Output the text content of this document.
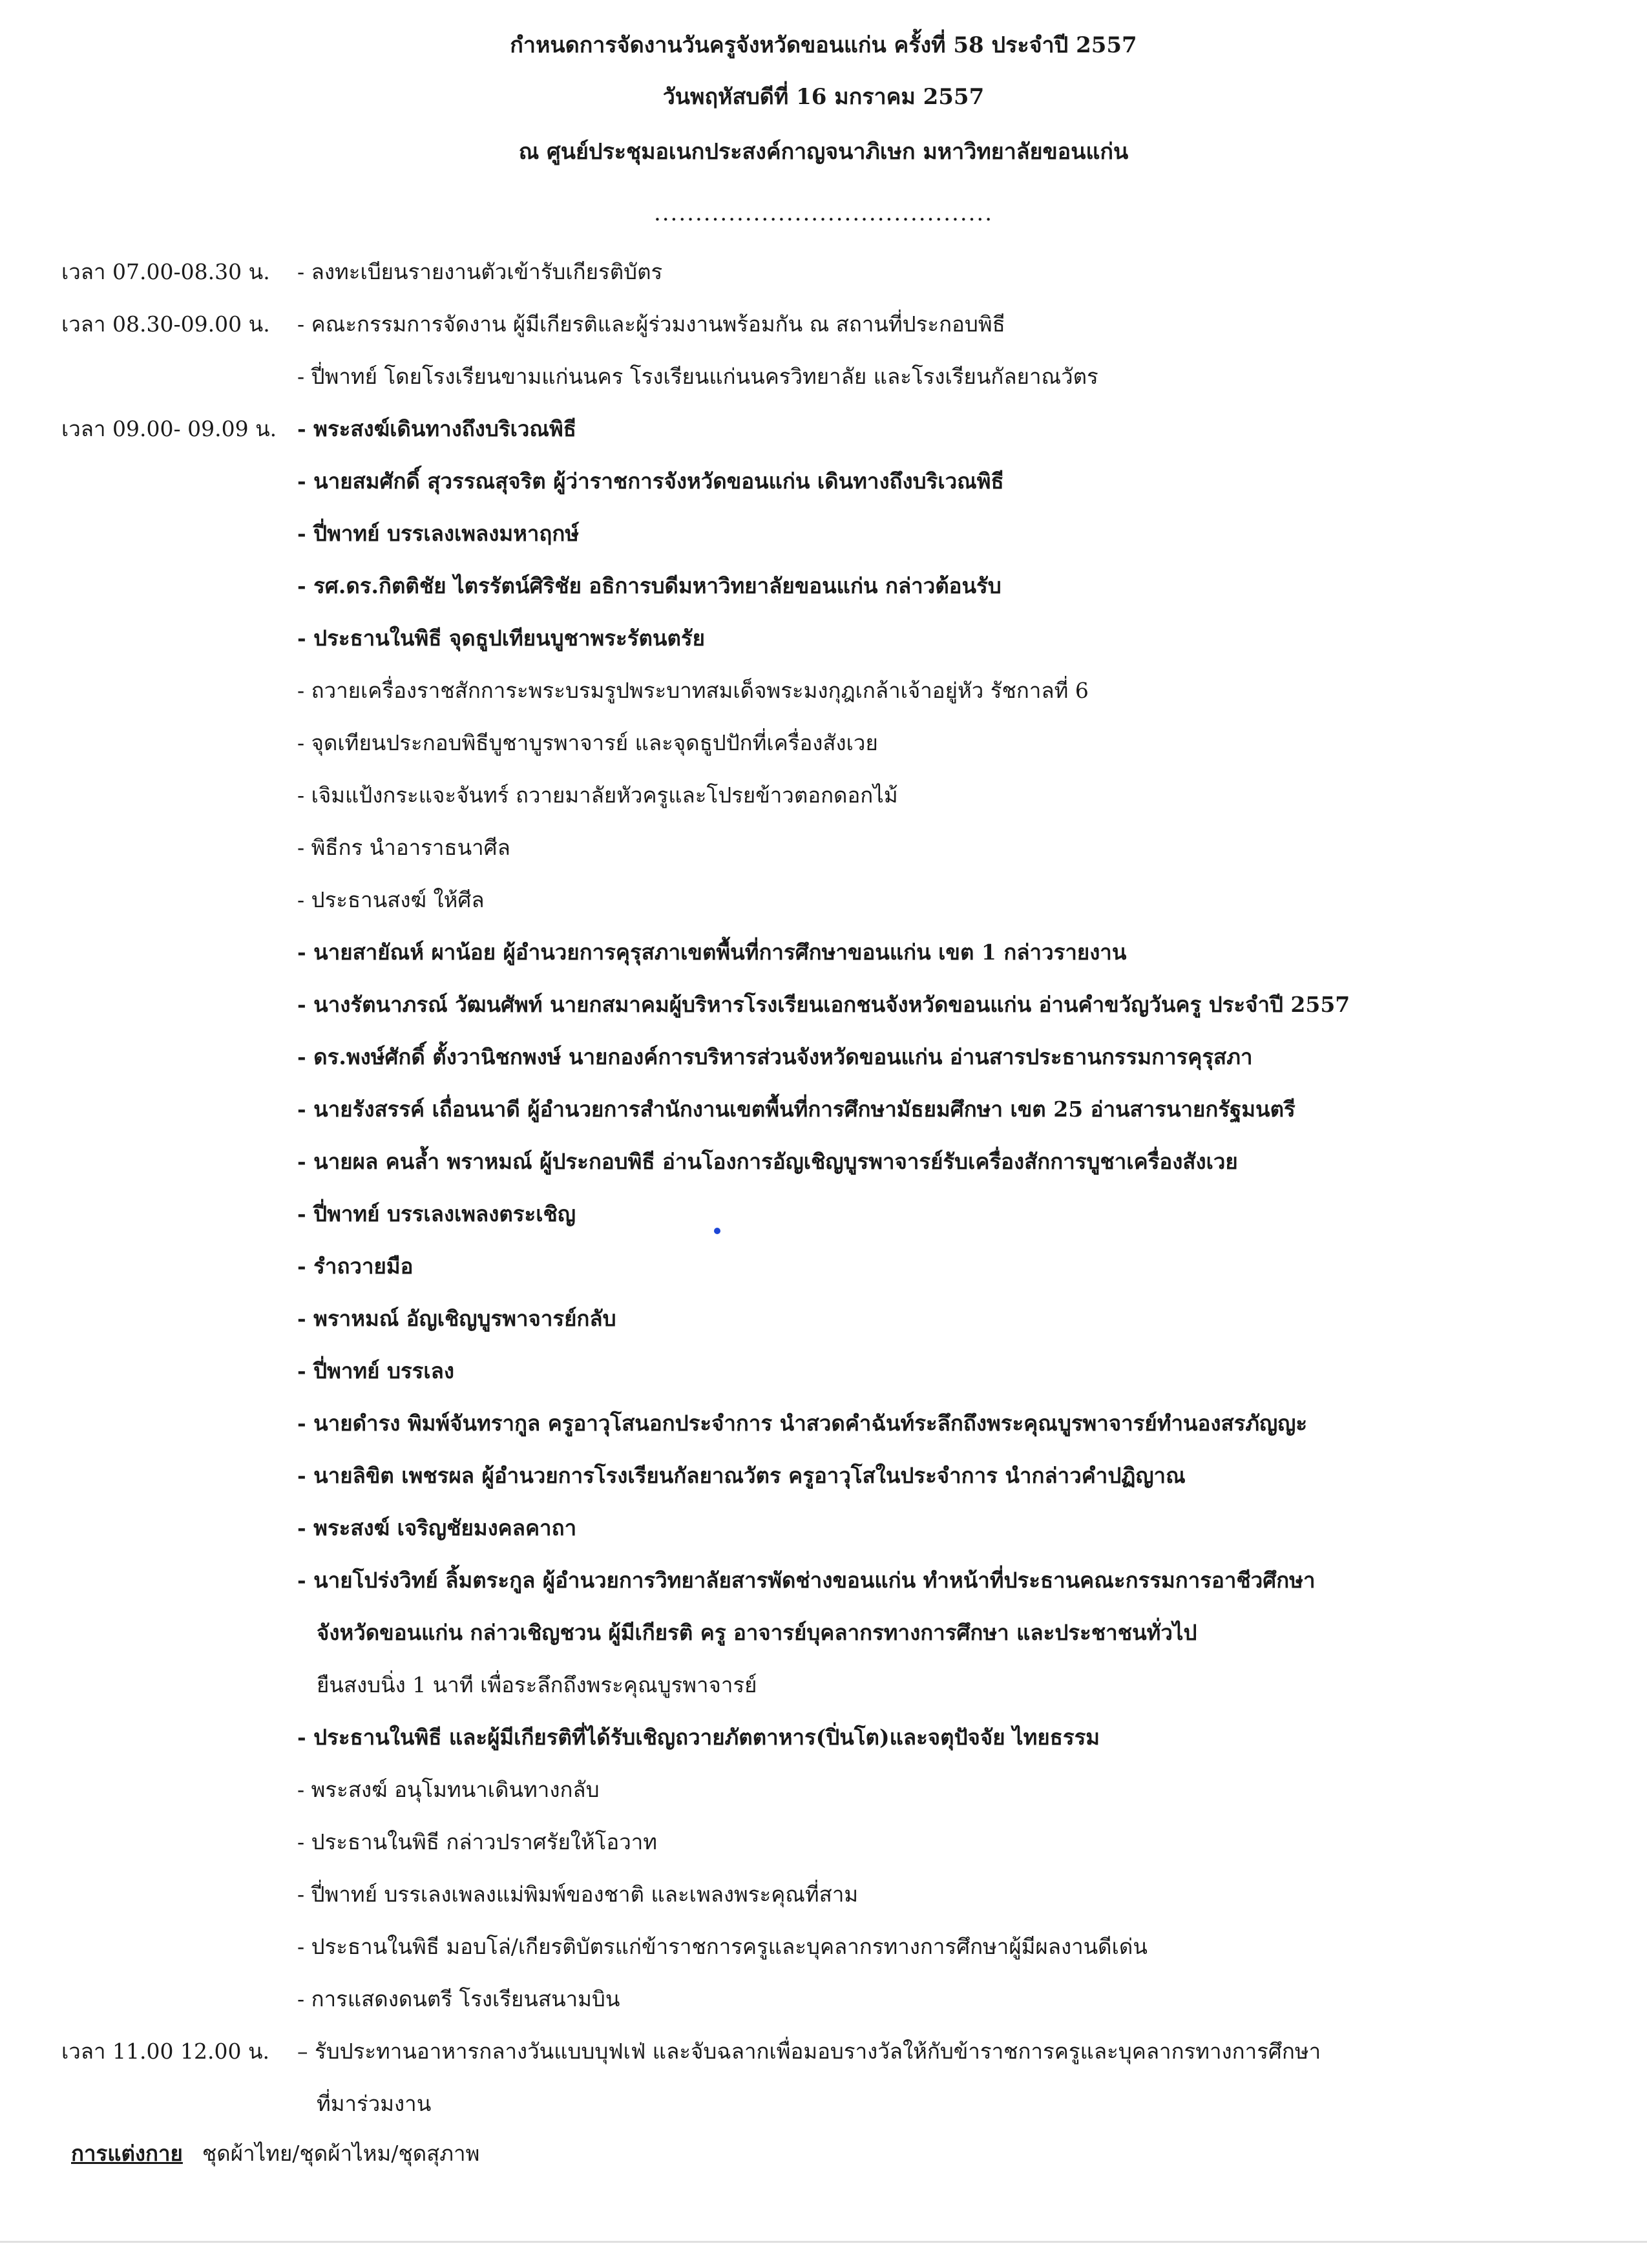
กำหนดการจัดงานวันครูจังหวัดขอนแก่น ครั้งที่ 58 ประจำปี 2557
วันพฤหัสบดีที่ 16 มกราคม 2557
ณ ศูนย์ประชุมอเนกประสงค์กาญจนาภิเษก มหาวิทยาลัยขอนแก่น
.........................................
เวลา 07.00-08.30 น. - ลงทะเบียนรายงานตัวเข้ารับเกียรติบัตร
เวลา 08.30-09.00 น. - คณะกรรมการจัดงาน ผู้มีเกียรติและผู้ร่วมงานพร้อมกัน ณ สถานที่ประกอบพิธี
- ปี่พาทย์ โดยโรงเรียนขามแก่นนคร โรงเรียนแก่นนครวิทยาลัย และโรงเรียนกัลยาณวัตร
เวลา 09.00- 09.09 น. - พระสงฆ์เดินทางถึงบริเวณพิธี
- นายสมศักดิ์ สุวรรณสุจริต ผู้ว่าราชการจังหวัดขอนแก่น เดินทางถึงบริเวณพิธี
- ปี่พาทย์ บรรเลงเพลงมหาฤกษ์
- รศ.ดร.กิตติชัย ไตรรัตน์ศิริชัย อธิการบดีมหาวิทยาลัยขอนแก่น กล่าวต้อนรับ
- ประธานในพิธี จุดธูปเทียนบูชาพระรัตนตรัย
- ถวายเครื่องราชสักการะพระบรมรูปพระบาทสมเด็จพระมงกุฎเกล้าเจ้าอยู่หัว รัชกาลที่ 6
- จุดเทียนประกอบพิธีบูชาบูรพาจารย์ และจุดธูปปักที่เครื่องสังเวย
- เจิมแป้งกระแจะจันทร์ ถวายมาลัยหัวครูและโปรยข้าวตอกดอกไม้
- พิธีกร นำอาราธนาศีล
- ประธานสงฆ์ ให้ศีล
- นายสายัณห์ ผาน้อย ผู้อำนวยการคุรุสภาเขตพื้นที่การศึกษาขอนแก่น เขต 1 กล่าวรายงาน
- นางรัตนาภรณ์ วัฒนศัพท์ นายกสมาคมผู้บริหารโรงเรียนเอกชนจังหวัดขอนแก่น อ่านคำขวัญวันครู ประจำปี 2557
- ดร.พงษ์ศักดิ์ ตั้งวานิชกพงษ์ นายกองค์การบริหารส่วนจังหวัดขอนแก่น อ่านสารประธานกรรมการคุรุสภา
- นายรังสรรค์ เถื่อนนาดี ผู้อำนวยการสำนักงานเขตพื้นที่การศึกษามัธยมศึกษา เขต 25 อ่านสารนายกรัฐมนตรี
- นายผล คนล้ำ พราหมณ์ ผู้ประกอบพิธี อ่านโองการอัญเชิญบูรพาจารย์รับเครื่องสักการบูชาเครื่องสังเวย
- ปี่พาทย์ บรรเลงเพลงตระเชิญ
- รำถวายมือ
- พราหมณ์ อัญเชิญบูรพาจารย์กลับ
- ปี่พาทย์ บรรเลง
- นายดำรง พิมพ์จันทรากูล ครูอาวุโสนอกประจำการ นำสวดคำฉันท์ระลึกถึงพระคุณบูรพาจารย์ทำนองสรภัญญะ
- นายลิขิต เพชรผล ผู้อำนวยการโรงเรียนกัลยาณวัตร ครูอาวุโสในประจำการ นำกล่าวคำปฏิญาณ
- พระสงฆ์ เจริญชัยมงคลคาถา
- นายโปร่งวิทย์ ลิ้มตระกูล ผู้อำนวยการวิทยาลัยสารพัดช่างขอนแก่น ทำหน้าที่ประธานคณะกรรมการอาชีวศึกษา
จังหวัดขอนแก่น กล่าวเชิญชวน ผู้มีเกียรติ ครู อาจารย์บุคลากรทางการศึกษา และประชาชนทั่วไป
ยืนสงบนิ่ง 1 นาที เพื่อระลึกถึงพระคุณบูรพาจารย์
- ประธานในพิธี และผู้มีเกียรติที่ได้รับเชิญถวายภัตตาหาร(ปิ่นโต)และจตุปัจจัย ไทยธรรม
- พระสงฆ์ อนุโมทนาเดินทางกลับ
- ประธานในพิธี กล่าวปราศรัยให้โอวาท
- ปี่พาทย์ บรรเลงเพลงแม่พิมพ์ของชาติ และเพลงพระคุณที่สาม
- ประธานในพิธี มอบโล่/เกียรติบัตรแก่ข้าราชการครูและบุคลากรทางการศึกษาผู้มีผลงานดีเด่น
- การแสดงดนตรี โรงเรียนสนามบิน
เวลา 11.00 12.00 น. – รับประทานอาหารกลางวันแบบบุฟเฟ่ และจับฉลากเพื่อมอบรางวัลให้กับข้าราชการครูและบุคลากรทางการศึกษา
ที่มาร่วมงาน
การแต่งกาย ชุดผ้าไทย/ชุดผ้าไหม/ชุดสุภาพ
